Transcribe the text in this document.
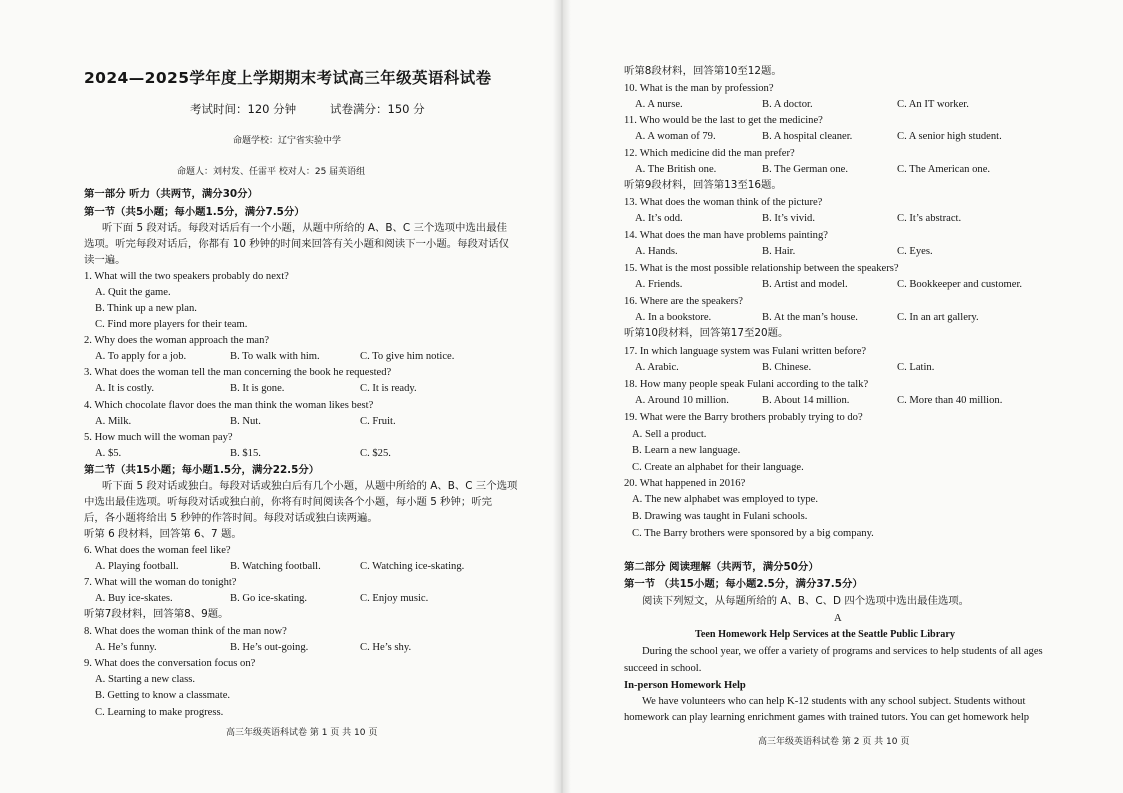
2024—2025学年度上学期期末考试高三年级英语科试卷
考试时间：120 分钟	试卷满分：150 分
命题学校：辽宁省实验中学
命题人：刘村发、任雷平 校对人：25 届英语组
第一部分 听力（共两节，满分30分）
第一节（共5小题；每小题1.5分，满分7.5分）
听下面 5 段对话。每段对话后有一个小题，从题中所给的 A、B、C 三个选项中选出最佳
选项。听完每段对话后，你都有 10 秒钟的时间来回答有关小题和阅读下一小题。每段对话仅
读一遍。
1. What will the two speakers probably do next?
A. Quit the game.
B. Think up a new plan.
C. Find more players for their team.
2. Why does the woman approach the man?
A. To apply for a job.	B. To walk with him.	C. To give him notice.
3. What does the woman tell the man concerning the book he requested?
A. It is costly.	B. It is gone.	C. It is ready.
4. Which chocolate flavor does the man think the woman likes best?
A. Milk.	B. Nut.	C. Fruit.
5. How much will the woman pay?
A. $5.	B. $15.	C. $25.
第二节（共15小题；每小题1.5分，满分22.5分）
听下面 5 段对话或独白。每段对话或独白后有几个小题，从题中所给的 A、B、C 三个选项
中选出最佳选项。听每段对话或独白前，你将有时间阅读各个小题，每小题 5 秒钟；听完
后，各小题将给出 5 秒钟的作答时间。每段对话或独白读两遍。
听第 6 段材料，回答第 6、7 题。
6. What does the woman feel like?
A. Playing football.	B. Watching football.	C. Watching ice-skating.
7. What will the woman do tonight?
A. Buy ice-skates.	B. Go ice-skating.	C. Enjoy music.
听第7段材料，回答第8、9题。
8. What does the woman think of the man now?
A. He’s funny.	B. He’s out-going.	C. He’s shy.
9. What does the conversation focus on?
A. Starting a new class.
B. Getting to know a classmate.
C. Learning to make progress.
高三年级英语科试卷 第 1 页 共 10 页
听第8段材料，回答第10至12题。
10. What is the man by profession?
A. A nurse.	B. A doctor.	C. An IT worker.
11. Who would be the last to get the medicine?
A. A woman of 79.	B. A hospital cleaner.	C. A senior high student.
12. Which medicine did the man prefer?
A. The British one.	B. The German one.	C. The American one.
听第9段材料，回答第13至16题。
13. What does the woman think of the picture?
A. It’s odd.	B. It’s vivid.	C. It’s abstract.
14. What does the man have problems painting?
A. Hands.	B. Hair.	C. Eyes.
15. What is the most possible relationship between the speakers?
A. Friends.	B. Artist and model.	C. Bookkeeper and customer.
16. Where are the speakers?
A. In a bookstore.	B. At the man’s house.	C. In an art gallery.
听第10段材料，回答第17至20题。
17. In which language system was Fulani written before?
A. Arabic.	B. Chinese.	C. Latin.
18. How many people speak Fulani according to the talk?
A. Around 10 million.	B. About 14 million.	C. More than 40 million.
19. What were the Barry brothers probably trying to do?
A. Sell a product.
B. Learn a new language.
C. Create an alphabet for their language.
20. What happened in 2016?
A. The new alphabet was employed to type.
B. Drawing was taught in Fulani schools.
C. The Barry brothers were sponsored by a big company.
第二部分 阅读理解（共两节，满分50分）
第一节 （共15小题；每小题2.5分，满分37.5分）
阅读下列短文，从每题所给的 A、B、C、D 四个选项中选出最佳选项。
A
Teen Homework Help Services at the Seattle Public Library
During the school year, we offer a variety of programs and services to help students of all ages
succeed in school.
In-person Homework Help
We have volunteers who can help K-12 students with any school subject. Students without
homework can play learning enrichment games with trained tutors. You can get homework help
高三年级英语科试卷 第 2 页 共 10 页
